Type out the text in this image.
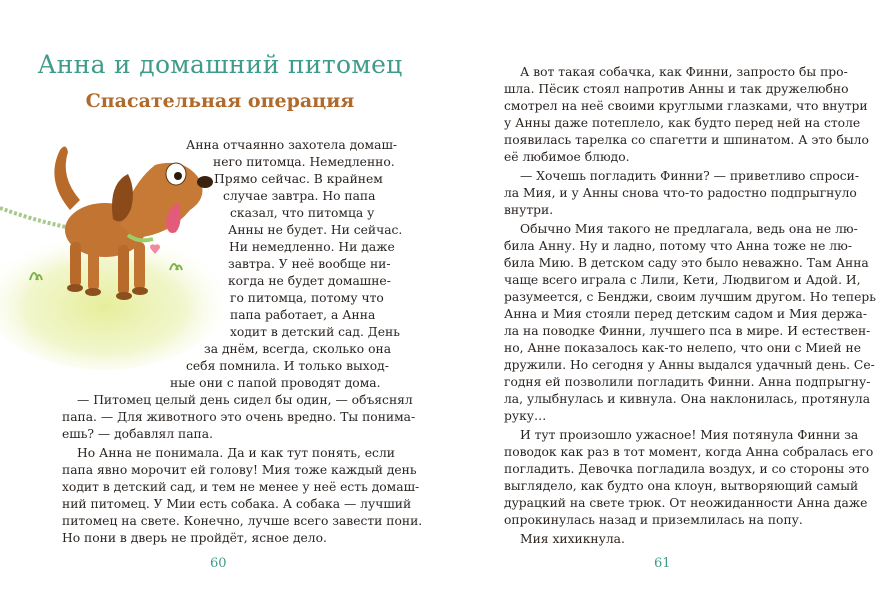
Анна и домашний питомец
Спасательная операция
Анна отчаянно захотела домаш-
него питомца. Немедленно.
Прямо сейчас. В крайнем
случае завтра. Но папа
сказал, что питомца у
Анны не будет. Ни сейчас.
Ни немедленно. Ни даже
завтра. У неё вообще ни-
когда не будет домашне-
го питомца, потому что
папа работает, а Анна
ходит в детский сад. День
за днём, всегда, сколько она
себя помнила. И только выход-
ные они с папой проводят дома.
— Питомец целый день сидел бы один, — объяснял
папа. — Для животного это очень вредно. Ты понима-
ешь? — добавлял папа.
Но Анна не понимала. Да и как тут понять, если
папа явно морочит ей голову! Мия тоже каждый день
ходит в детский сад, и тем не менее у неё есть домаш-
ний питомец. У Мии есть собака. А собака — лучший
питомец на свете. Конечно, лучше всего завести пони.
Но пони в дверь не пройдёт, ясное дело.
60
А вот такая собачка, как Финни, запросто бы про-
шла. Пёсик стоял напротив Анны и так дружелюбно
смотрел на неё своими круглыми глазками, что внутри
у Анны даже потеплело, как будто перед ней на столе
появилась тарелка со спагетти и шпинатом. А это было
её любимое блюдо.
— Хочешь погладить Финни? — приветливо спроси-
ла Мия, и у Анны снова что-то радостно подпрыгнуло
внутри.
Обычно Мия такого не предлагала, ведь она не лю-
била Анну. Ну и ладно, потому что Анна тоже не лю-
била Мию. В детском саду это было неважно. Там Анна
чаще всего играла с Лили, Кети, Людвигом и Адой. И,
разумеется, с Бенджи, своим лучшим другом. Но теперь
Анна и Мия стояли перед детским садом и Мия держа-
ла на поводке Финни, лучшего пса в мире. И естествен-
но, Анне показалось как-то нелепо, что они с Мией не
дружили. Но сегодня у Анны выдался удачный день. Се-
годня ей позволили погладить Финни. Анна подпрыгну-
ла, улыбнулась и кивнула. Она наклонилась, протянула
руку…
И тут произошло ужасное! Мия потянула Финни за
поводок как раз в тот момент, когда Анна собралась его
погладить. Девочка погладила воздух, и со стороны это
выглядело, как будто она клоун, вытворяющий самый
дурацкий на свете трюк. От неожиданности Анна даже
опрокинулась назад и приземлилась на попу.
Мия хихикнула.
61
